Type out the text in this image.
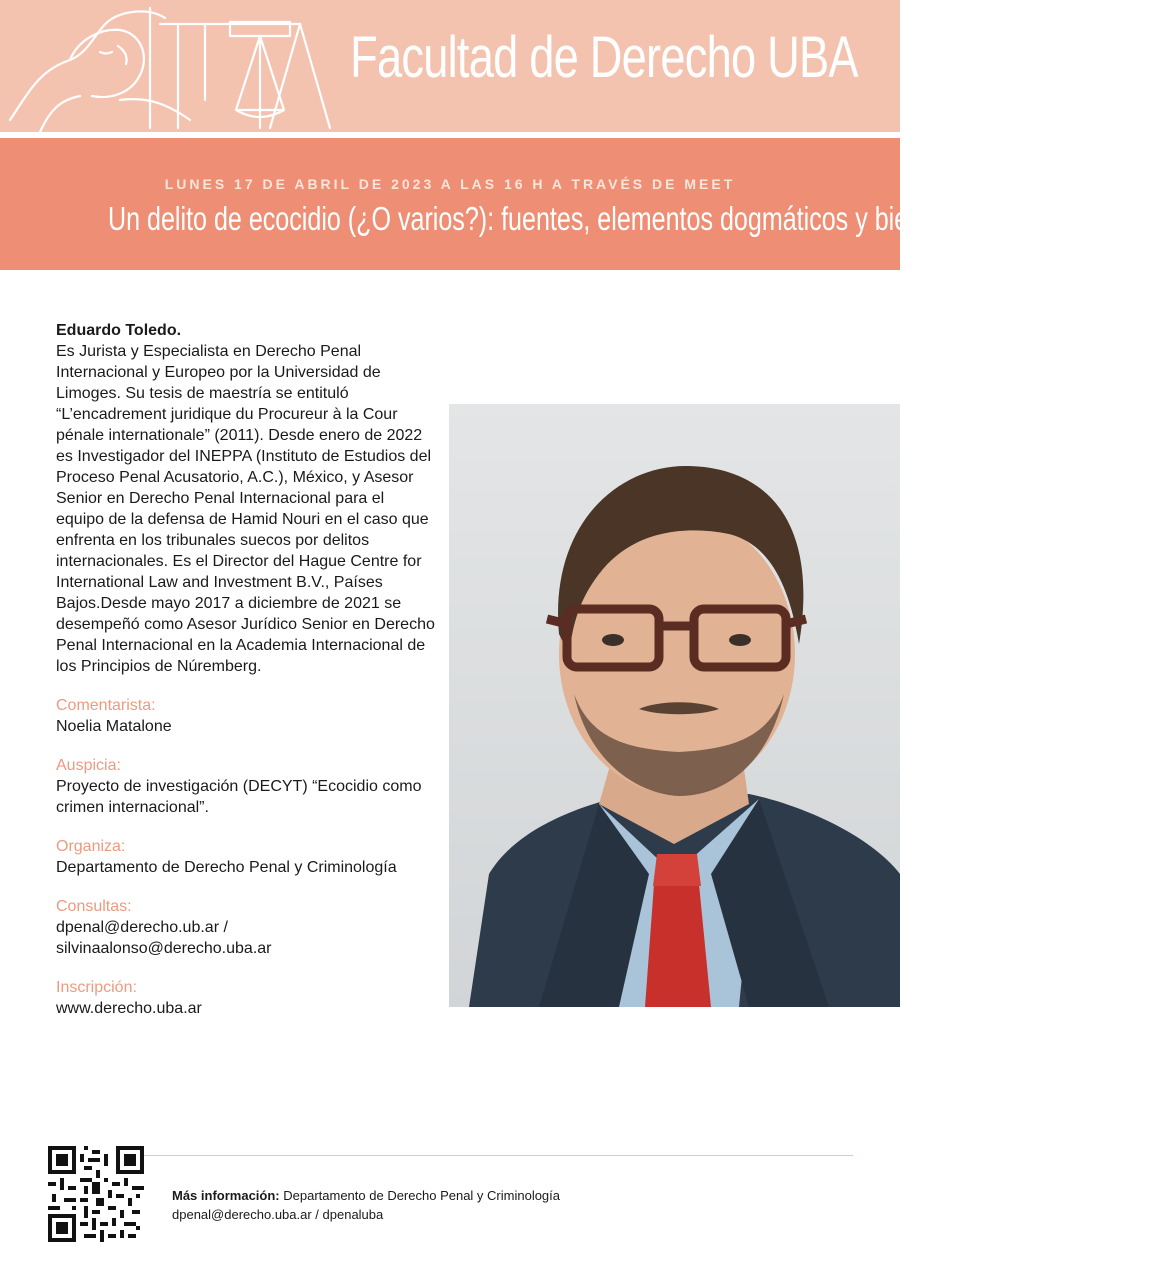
Facultad de Derecho UBA
LUNES 17 DE ABRIL DE 2023 A LAS 16 H A TRAVÉS DE MEET
Un delito de ecocidio (¿O varios?): fuentes, elementos dogmáticos y bienes jurídicos protegidos
Eduardo Toledo.

Es Jurista y Especialista en Derecho Penal Internacional y Europeo por la Universidad de Limoges. Su tesis de maestría se entituló “L’encadrement juridique du Procureur à la Cour pénale internationale” (2011). Desde enero de 2022 es Investigador del INEPPA (Instituto de Estudios del Proceso Penal Acusatorio, A.C.), México, y Asesor Senior en Derecho Penal Internacional para el equipo de la defensa de Hamid Nouri en el caso que enfrenta en los tribunales suecos por delitos internacionales. Es el Director del Hague Centre for International Law and Investment B.V., Países Bajos.Desde mayo 2017 a diciembre de 2021 se desempeñó como Asesor Jurídico Senior en Derecho Penal Internacional en la Academia Internacional de los Principios de Núremberg.

Comentarista:
Noelia Matalone
Auspicia:
Proyecto de investigación (DECYT) “Ecocidio como crimen internacional”.
Organiza:
Departamento de Derecho Penal y Criminología
Consultas:
dpenal@derecho.ub.ar /
silvinaalonso@derecho.uba.ar
Inscripción:
www.derecho.uba.ar
Más información: Departamento de Derecho Penal y Criminología
dpenal@derecho.uba.ar / dpenaluba
